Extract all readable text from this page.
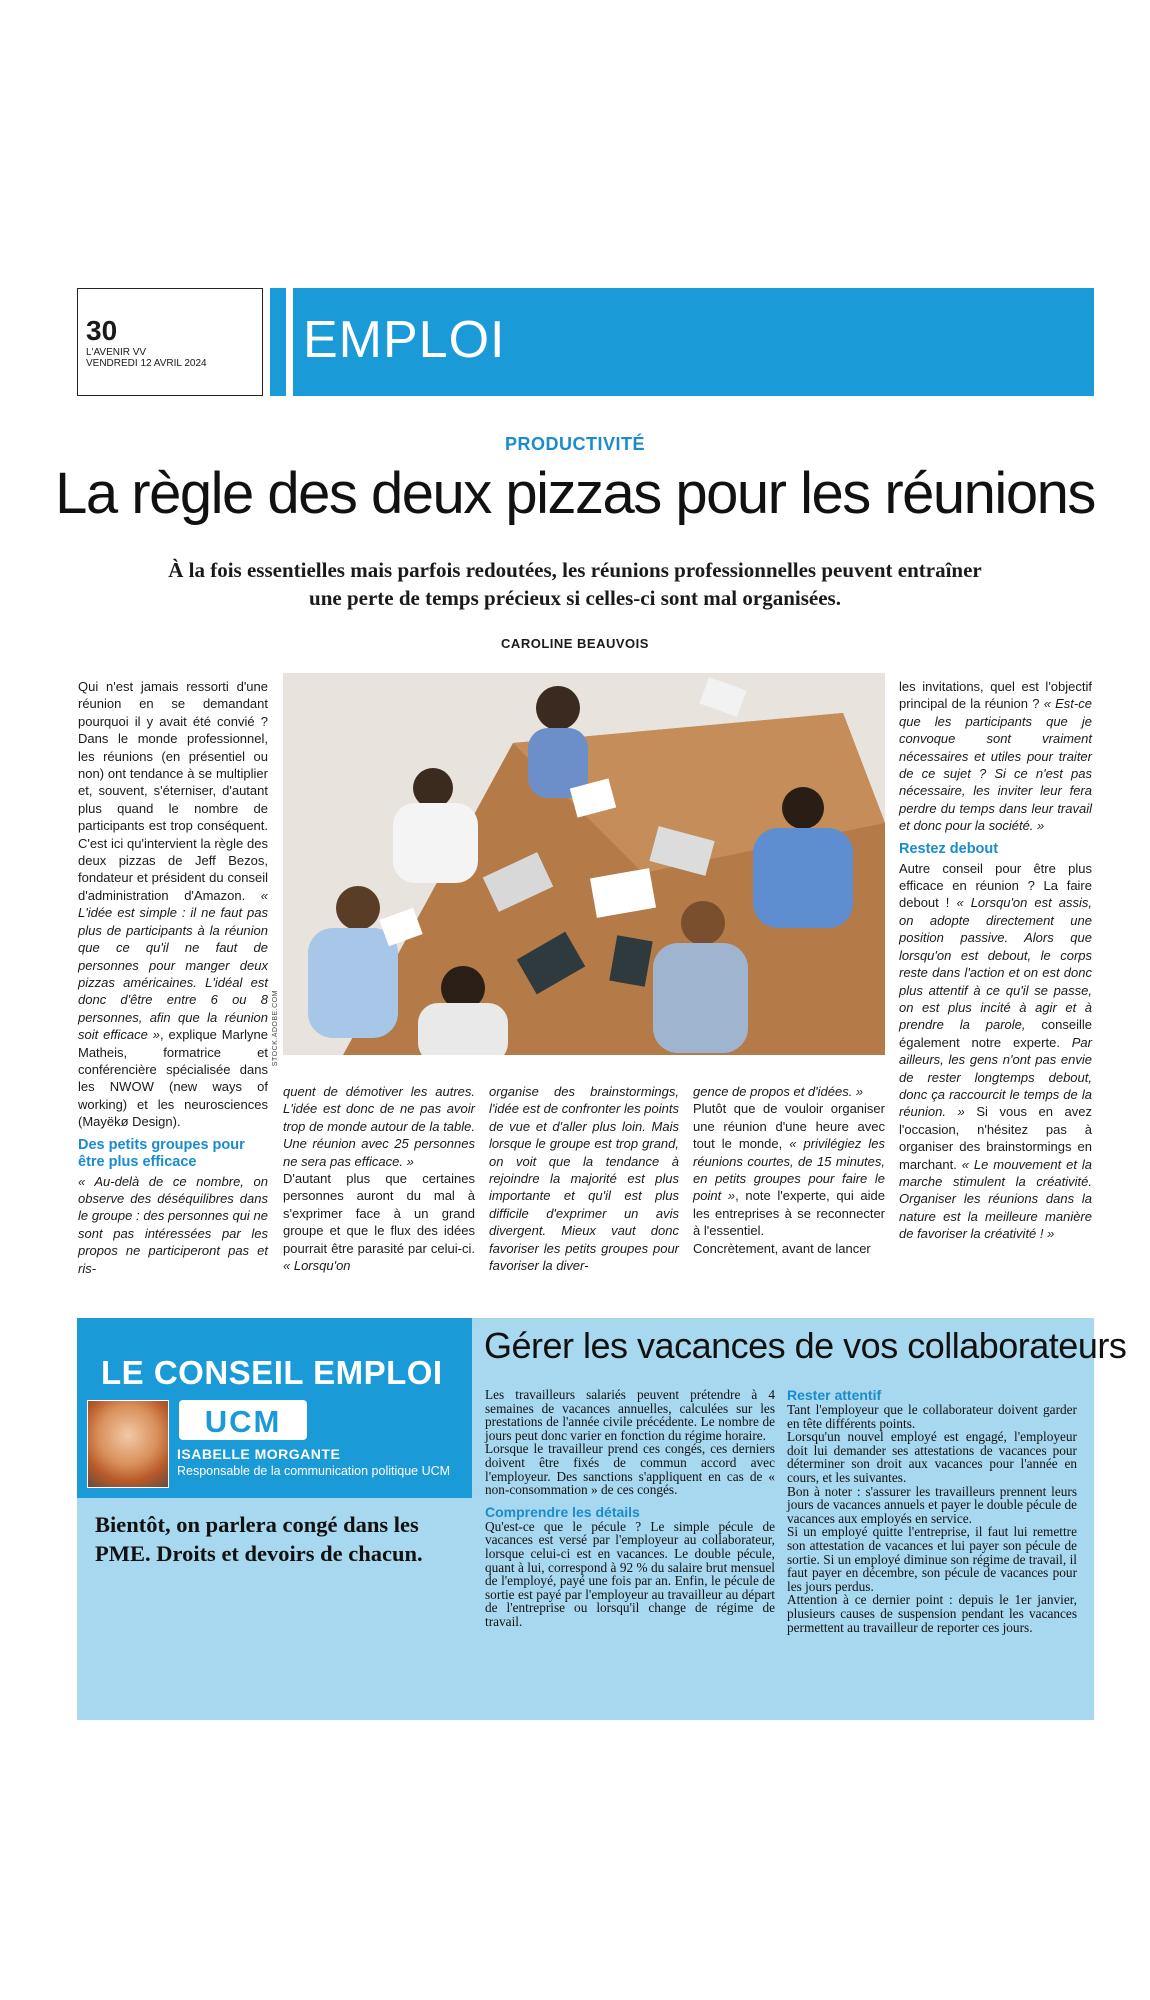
30
L'AVENIR VV
VENDREDI 12 AVRIL 2024 EMPLOI
PRODUCTIVITÉ
La règle des deux pizzas pour les réunions
À la fois essentielles mais parfois redoutées, les réunions professionnelles peuvent entraîner une perte de temps précieux si celles-ci sont mal organisées.
CAROLINE BEAUVOIS
STOCK.ADOBE.COM

Qui n'est jamais ressorti d'une réunion en se demandant pourquoi il y avait été convié ? Dans le monde professionnel, les réunions (en présentiel ou non) ont tendance à se multiplier et, souvent, s'éterniser, d'autant plus quand le nombre de participants est trop conséquent. C'est ici qu'intervient la règle des deux pizzas de Jeff Bezos, fondateur et président du conseil d'administration d'Amazon. « L'idée est simple : il ne faut pas plus de participants à la réunion que ce qu'il ne faut de personnes pour manger deux pizzas américaines. L'idéal est donc d'être entre 6 ou 8 personnes, afin que la réunion soit efficace », explique Marlyne Matheis, formatrice et conférencière spécialisée dans les NWOW (new ways of working) et les neurosciences (Mayëkø Design).

Des petits groupes pour être plus efficace

« Au-delà de ce nombre, on observe des déséquilibres dans le groupe : des personnes qui ne sont pas intéressées par les propos ne participeront pas et ris-

quent de démotiver les autres. L'idée est donc de ne pas avoir trop de monde autour de la table. Une réunion avec 25 personnes ne sera pas efficace. »

D'autant plus que certaines personnes auront du mal à s'exprimer face à un grand groupe et que le flux des idées pourrait être parasité par celui-ci. « Lorsqu'on

organise des brainstormings, l'idée est de confronter les points de vue et d'aller plus loin. Mais lorsque le groupe est trop grand, on voit que la tendance à rejoindre la majorité est plus importante et qu'il est plus difficile d'exprimer un avis divergent. Mieux vaut donc favoriser les petits groupes pour favoriser la diver-

gence de propos et d'idées. »

Plutôt que de vouloir organiser une réunion d'une heure avec tout le monde, « privilégiez les réunions courtes, de 15 minutes, en petits groupes pour faire le point », note l'experte, qui aide les entreprises à se reconnecter à l'essentiel.

Concrètement, avant de lancer

les invitations, quel est l'objectif principal de la réunion ? « Est-ce que les participants que je convoque sont vraiment nécessaires et utiles pour traiter de ce sujet ? Si ce n'est pas nécessaire, les inviter leur fera perdre du temps dans leur travail et donc pour la société. »

Restez debout

Autre conseil pour être plus efficace en réunion ? La faire debout ! « Lorsqu'on est assis, on adopte directement une position passive. Alors que lorsqu'on est debout, le corps reste dans l'action et on est donc plus attentif à ce qu'il se passe, on est plus incité à agir et à prendre la parole, conseille également notre experte. Par ailleurs, les gens n'ont pas envie de rester longtemps debout, donc ça raccourcit le temps de la réunion. » Si vous en avez l'occasion, n'hésitez pas à organiser des brainstormings en marchant. « Le mouvement et la marche stimulent la créativité. Organiser les réunions dans la nature est la meilleure manière de favoriser la créativité ! »

LE CONSEIL EMPLOI
UCM
ISABELLE MORGANTE
Responsable de la communication politique UCM
Bientôt, on parlera congé dans les PME. Droits et devoirs de chacun.
Gérer les vacances de vos collaborateurs

Les travailleurs salariés peuvent prétendre à 4 semaines de vacances annuelles, calculées sur les prestations de l'année civile précédente. Le nombre de jours peut donc varier en fonction du régime horaire.

Lorsque le travailleur prend ces congés, ces derniers doivent être fixés de commun accord avec l'employeur. Des sanctions s'appliquent en cas de « non-consommation » de ces congés.

Comprendre les détails

Qu'est-ce que le pécule ? Le simple pécule de vacances est versé par l'employeur au collaborateur, lorsque celui-ci est en vacances. Le double pécule, quant à lui, correspond à 92 % du salaire brut mensuel de l'employé, payé une fois par an. Enfin, le pécule de sortie est payé par l'employeur au travailleur au départ de l'entreprise ou lorsqu'il change de régime de travail.

Rester attentif

Tant l'employeur que le collaborateur doivent garder en tête différents points.

Lorsqu'un nouvel employé est engagé, l'employeur doit lui demander ses attestations de vacances pour déterminer son droit aux vacances pour l'année en cours, et les suivantes.

Bon à noter : s'assurer les travailleurs prennent leurs jours de vacances annuels et payer le double pécule de vacances aux employés en service.

Si un employé quitte l'entreprise, il faut lui remettre son attestation de vacances et lui payer son pécule de sortie. Si un employé diminue son régime de travail, il faut payer en décembre, son pécule de vacances pour les jours perdus.

Attention à ce dernier point : depuis le 1er janvier, plusieurs causes de suspension pendant les vacances permettent au travailleur de reporter ces jours.
